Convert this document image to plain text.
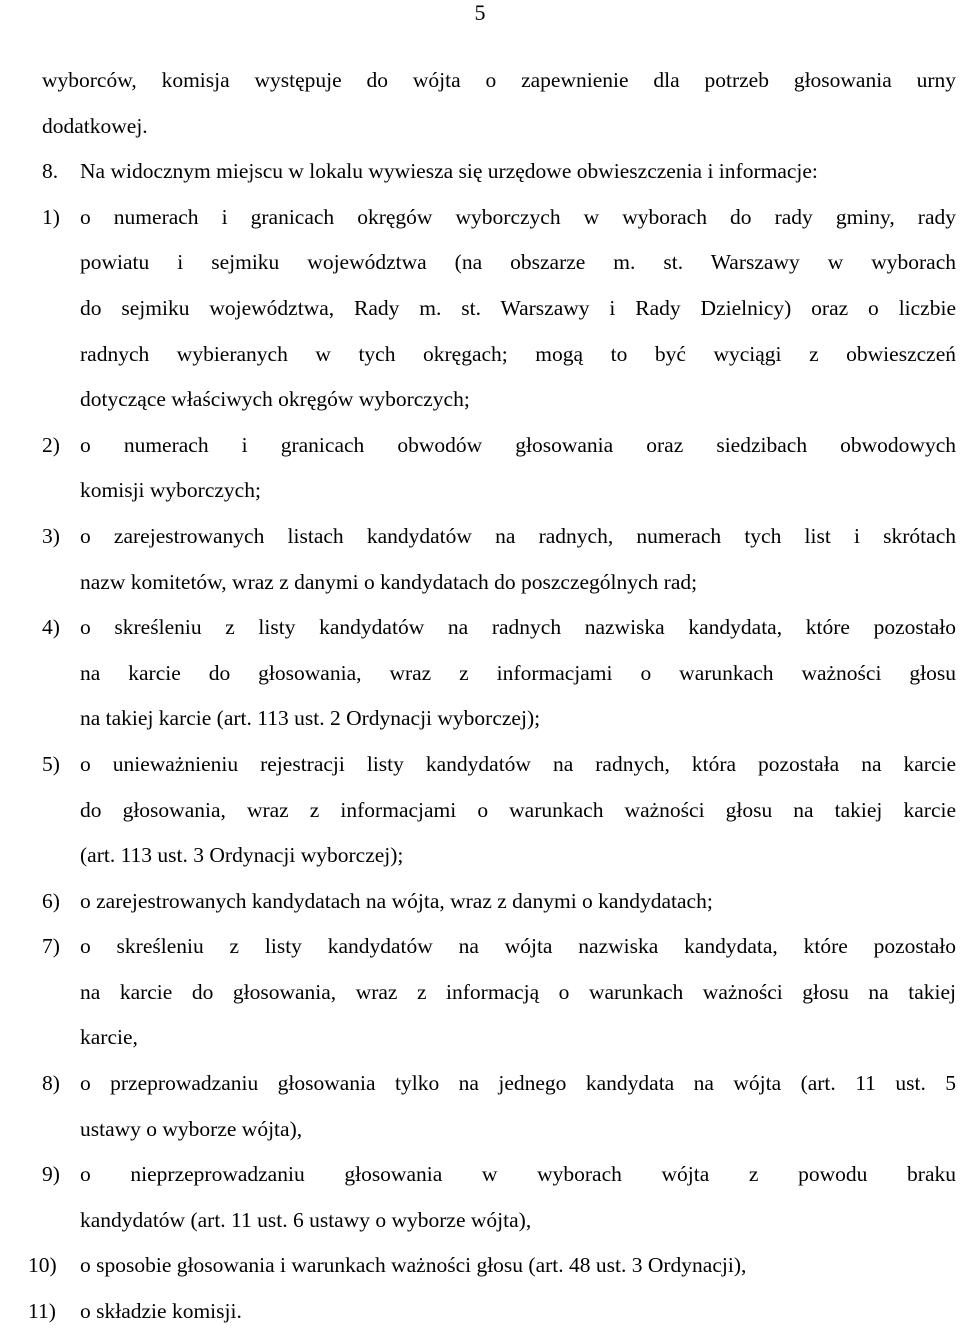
5
wyborców, komisja występuje do wójta o zapewnienie dla potrzeb głosowania urny
dodatkowej.
8.	Na widocznym miejscu w lokalu wywiesza się urzędowe obwieszczenia i informacje:
1) o numerach i granicach okręgów wyborczych w wyborach do rady gminy, rady
powiatu i sejmiku województwa (na obszarze m. st. Warszawy w wyborach
do sejmiku województwa, Rady m. st. Warszawy i Rady Dzielnicy) oraz o liczbie
radnych wybieranych w tych okręgach; mogą to być wyciągi z obwieszczeń
dotyczące właściwych okręgów wyborczych;
2) o numerach i granicach obwodów głosowania oraz siedzibach obwodowych
komisji wyborczych;
3) o zarejestrowanych listach kandydatów na radnych, numerach tych list i skrótach
nazw komitetów, wraz z danymi o kandydatach do poszczególnych rad;
4) o skreśleniu z listy kandydatów na radnych nazwiska kandydata, które pozostało
na karcie do głosowania, wraz z informacjami o warunkach ważności głosu
na takiej karcie (art. 113 ust. 2 Ordynacji wyborczej);
5) o unieważnieniu rejestracji listy kandydatów na radnych, która pozostała na karcie
do głosowania, wraz z informacjami o warunkach ważności głosu na takiej karcie
(art. 113 ust. 3 Ordynacji wyborczej);
6) o zarejestrowanych kandydatach na wójta, wraz z danymi o kandydatach;
7) o skreśleniu z listy kandydatów na wójta nazwiska kandydata, które pozostało
na karcie do głosowania, wraz z informacją o warunkach ważności głosu na takiej
karcie,
8) o przeprowadzaniu głosowania tylko na jednego kandydata na wójta (art. 11 ust. 5
ustawy o wyborze wójta),
9) o nieprzeprowadzaniu głosowania w wyborach wójta z powodu braku
kandydatów (art. 11 ust. 6 ustawy o wyborze wójta),
10)	o sposobie głosowania i warunkach ważności głosu (art. 48 ust. 3 Ordynacji),
11)	o składzie komisji.
